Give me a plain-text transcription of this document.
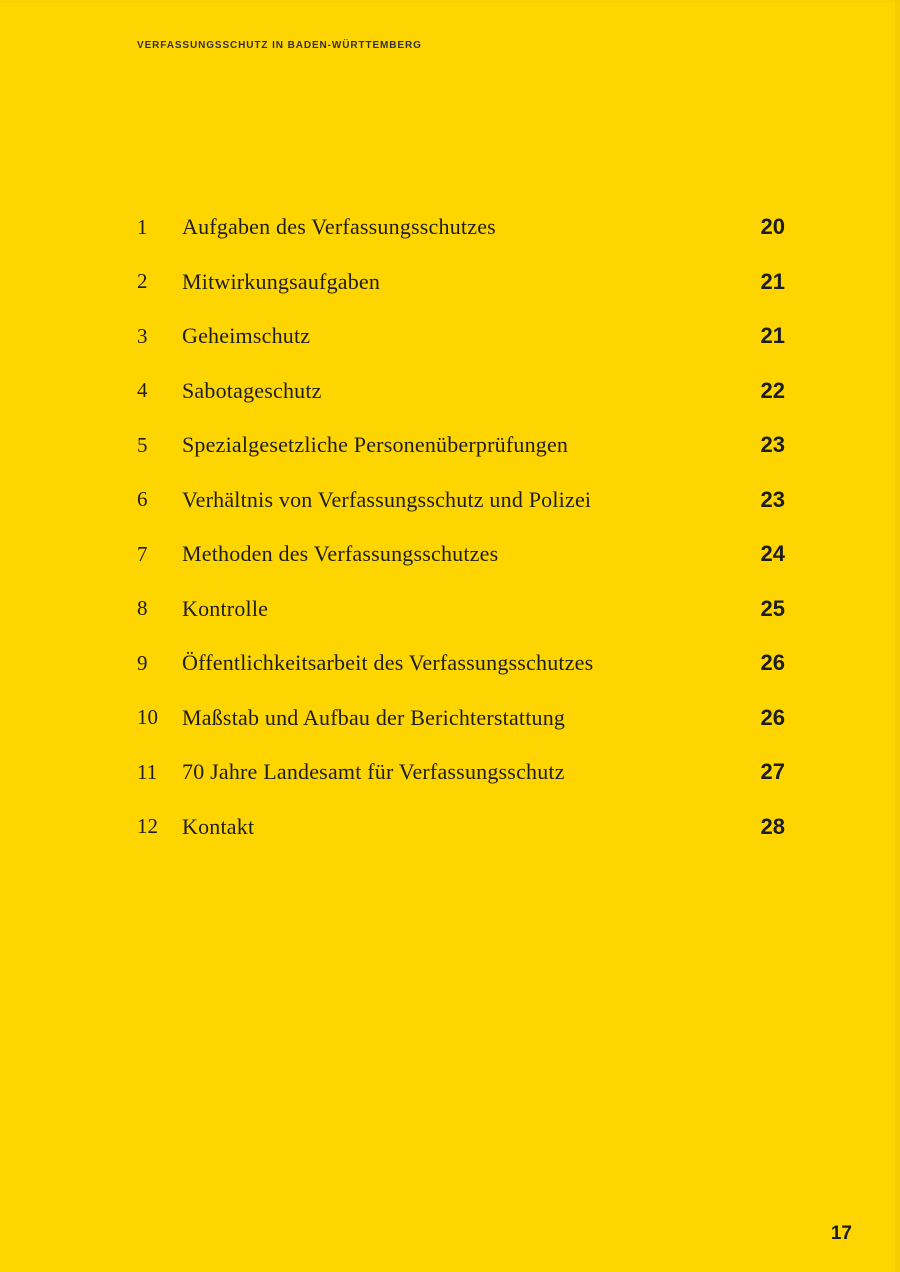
VERFASSUNGSSCHUTZ IN BADEN-WÜRTTEMBERG
1	Aufgaben des Verfassungsschutzes	20
2	Mitwirkungsaufgaben	21
3	Geheimschutz	21
4	Sabotageschutz	22
5	Spezialgesetzliche Personenüberprüfungen	23
6	Verhältnis von Verfassungsschutz und Polizei	23
7	Methoden des Verfassungsschutzes	24
8	Kontrolle	25
9	Öffentlichkeitsarbeit des Verfassungsschutzes	26
10	Maßstab und Aufbau der Berichterstattung	26
11	70 Jahre Landesamt für Verfassungsschutz	27
12	Kontakt	28
17
